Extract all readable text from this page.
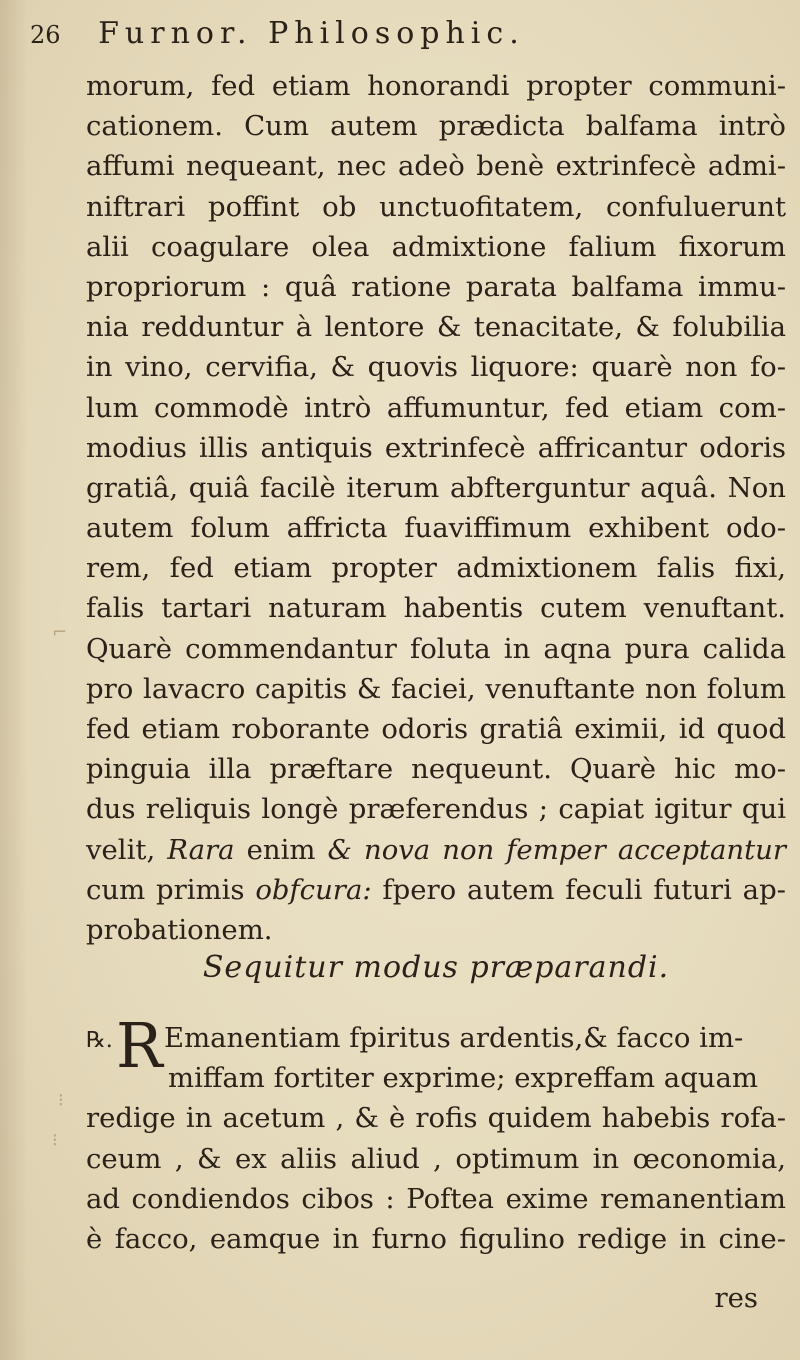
26 Furnor. Philosophic.
morum, fed etiam honorandi propter communi-
cationem. Cum autem prædicta balfama intrò
affumi nequeant, nec adeò benè extrinfecè admi-
niftrari poffint ob unctuofitatem, confuluerunt
alii coagulare olea admixtione falium fixorum
propriorum : quâ ratione parata balfama immu-
nia redduntur à lentore & tenacitate, & folubilia
in vino, cervifia, & quovis liquore: quarè non fo-
lum commodè intrò affumuntur, fed etiam com-
modius illis antiquis extrinfecè affricantur odoris
gratiâ, quiâ facilè iterum abfterguntur aquâ. Non
autem folum affricta fuaviffimum exhibent odo-
rem, fed etiam propter admixtionem falis fixi,
falis tartari naturam habentis cutem venuftant.
Quarè commendantur foluta in aqna pura calida
pro lavacro capitis & faciei, venuftante non folum
fed etiam roborante odoris gratiâ eximii, id quod
pinguia illa præftare nequeunt. Quarè hic mo-
dus reliquis longè præferendus ; capiat igitur qui
velit, Rara enim & nova non femper acceptantur
cum primis obfcura: fpero autem feculi futuri ap-
probationem.
Sequitur modus præparandi.
℞.REmanentiam fpiritus ardentis,& facco im-
miffam fortiter exprime; expreffam aquam
redige in acetum , & è rofis quidem habebis rofa-
ceum , & ex aliis aliud , optimum in œconomia,
ad condiendos cibos : Poftea exime remanentiam
è facco, eamque in furno figulino redige in cine-
res
⌐
⁝
⁝
